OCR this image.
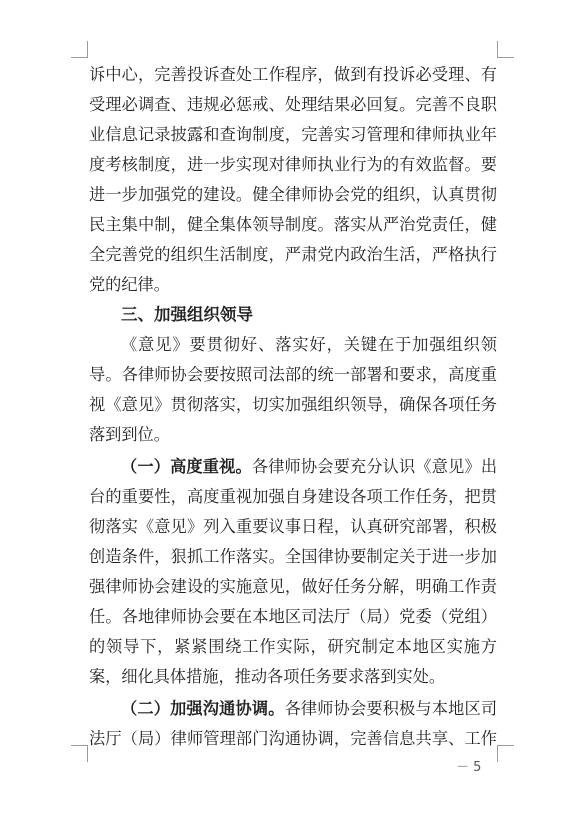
诉中心，完善投诉查处工作程序，做到有投诉必受理、有
受理必调查、违规必惩戒、处理结果必回复。完善不良职
业信息记录披露和查询制度，完善实习管理和律师执业年
度考核制度，进一步实现对律师执业行为的有效监督。要
进一步加强党的建设。健全律师协会党的组织，认真贯彻
民主集中制，健全集体领导制度。落实从严治党责任，健
全完善党的组织生活制度，严肃党内政治生活，严格执行
党的纪律。
三、加强组织领导
《意见》要贯彻好、落实好，关键在于加强组织领
导。各律师协会要按照司法部的统一部署和要求，高度重
视《意见》贯彻落实，切实加强组织领导，确保各项任务
落到到位。
（一）高度重视。各律师协会要充分认识《意见》出
台的重要性，高度重视加强自身建设各项工作任务，把贯
彻落实《意见》列入重要议事日程，认真研究部署，积极
创造条件，狠抓工作落实。全国律协要制定关于进一步加
强律师协会建设的实施意见，做好任务分解，明确工作责
任。各地律师协会要在本地区司法厅（局）党委（党组）
的领导下，紧紧围绕工作实际，研究制定本地区实施方
案，细化具体措施，推动各项任务要求落到实处。
（二）加强沟通协调。各律师协会要积极与本地区司
法厅（局）律师管理部门沟通协调，完善信息共享、工作
－ 5
